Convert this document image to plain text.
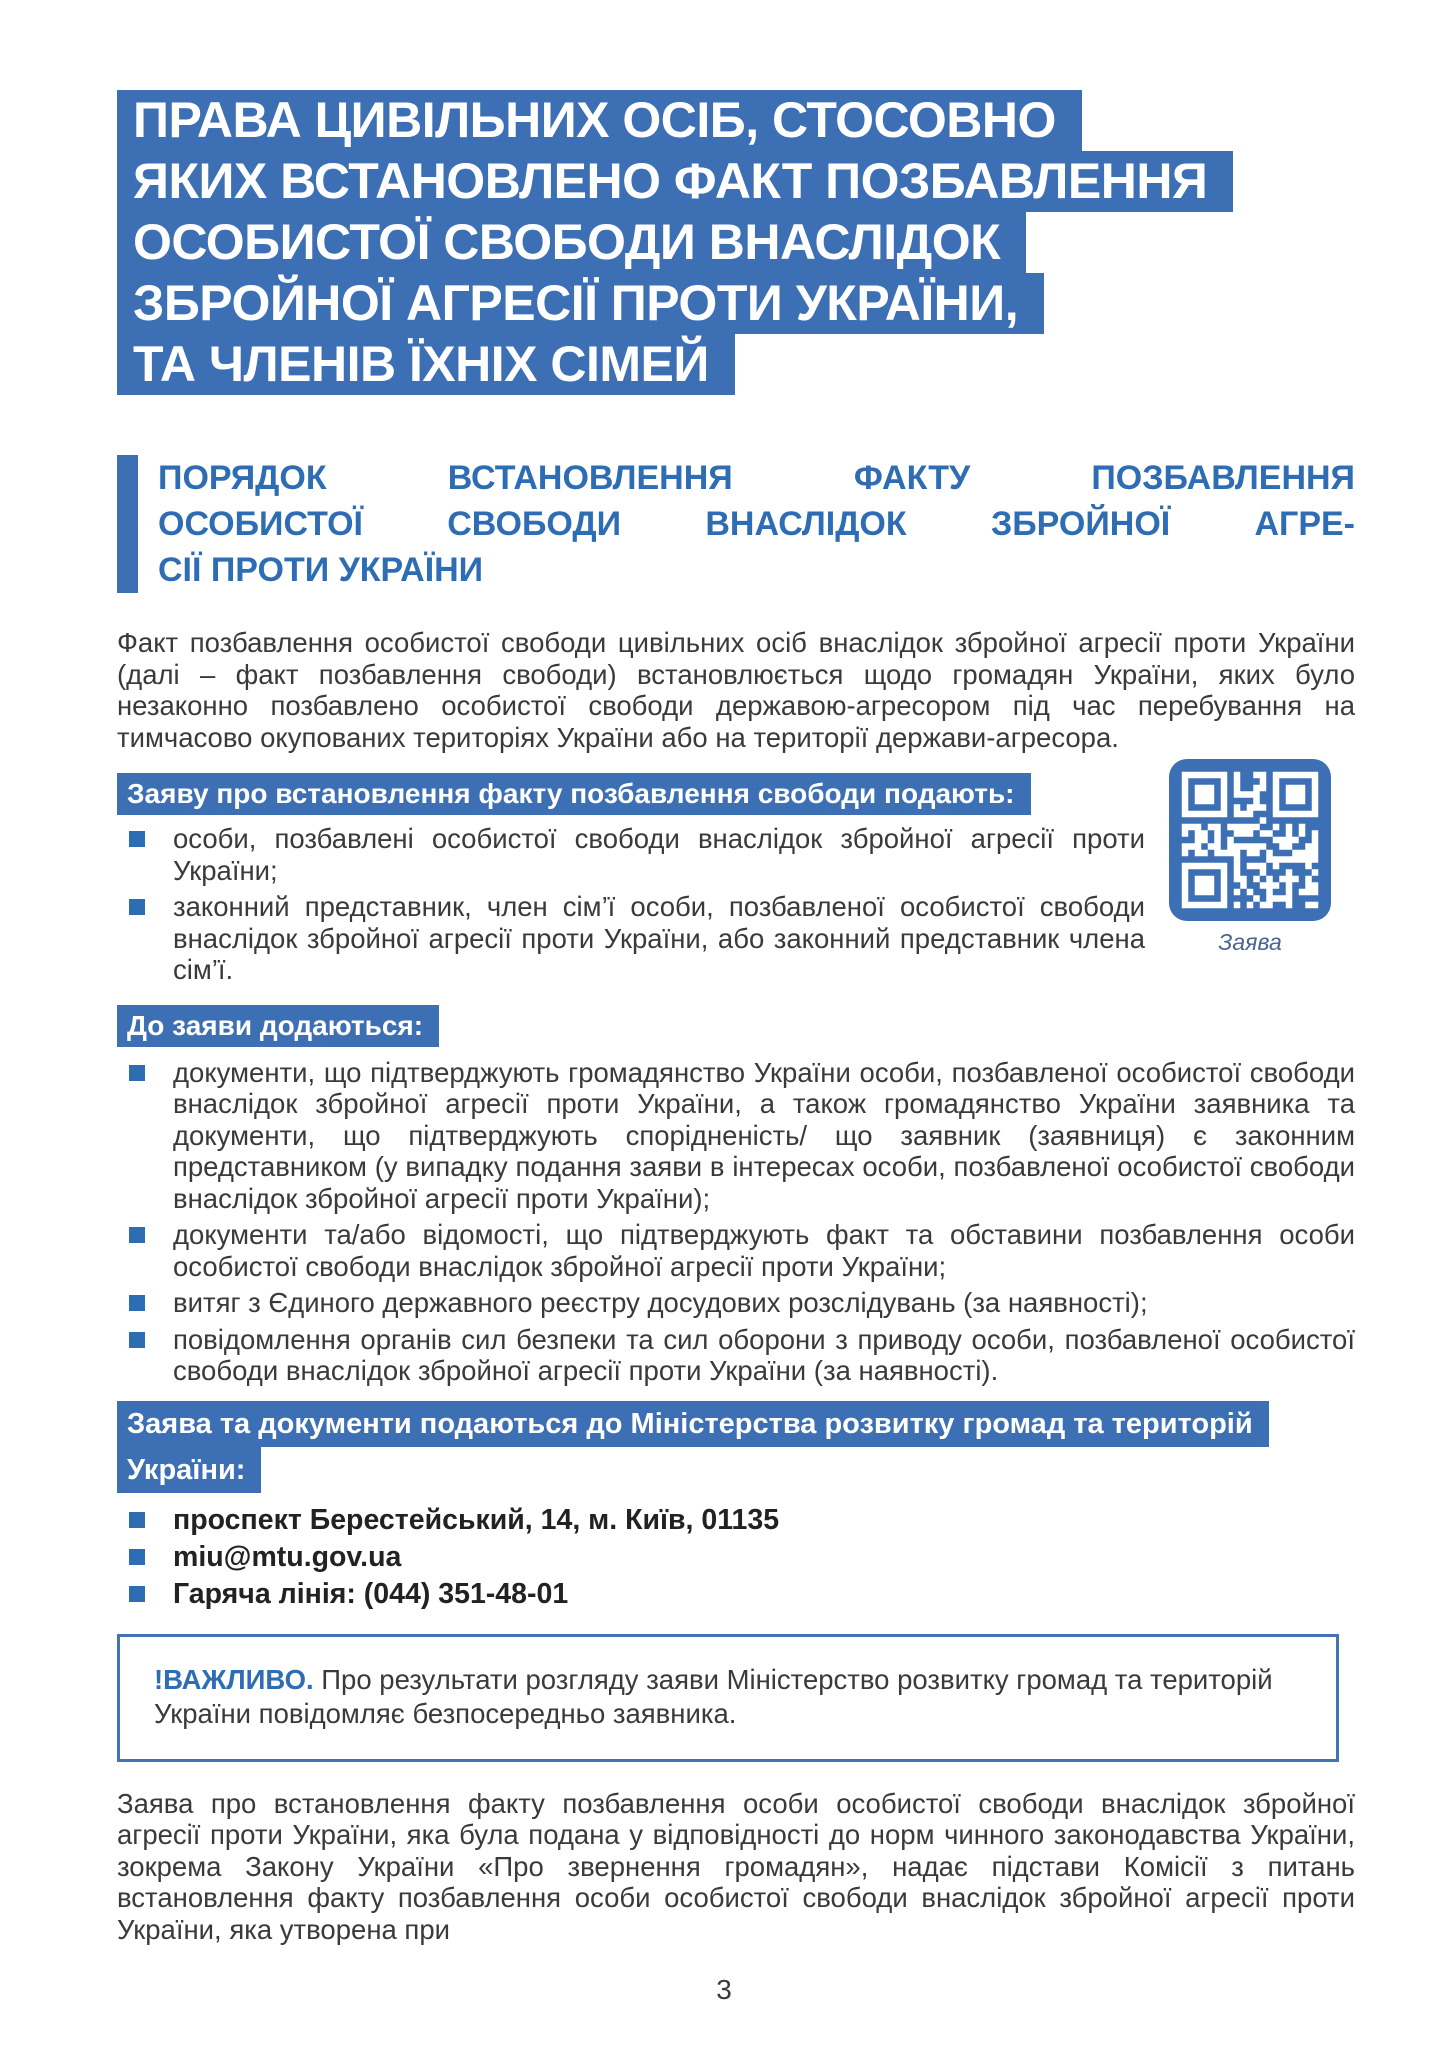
ПРАВА ЦИВІЛЬНИХ ОСІБ, СТОСОВНО
ЯКИХ ВСТАНОВЛЕНО ФАКТ ПОЗБАВЛЕННЯ
ОСОБИСТОЇ СВОБОДИ ВНАСЛІДОК
ЗБРОЙНОЇ АГРЕСІЇ ПРОТИ УКРАЇНИ,
ТА ЧЛЕНІВ ЇХНІХ СІМЕЙ
ПОРЯДОК ВСТАНОВЛЕННЯ ФАКТУ ПОЗБАВЛЕННЯ
ОСОБИСТОЇ СВОБОДИ ВНАСЛІДОК ЗБРОЙНОЇ АГРЕ-
СІЇ ПРОТИ УКРАЇНИ
Факт позбавлення особистої свободи цивільних осіб внаслідок збройної агресії проти України (далі – факт позбавлення свободи) встановлюється щодо громадян України, яких було незаконно позбавлено особистої свободи державою-агресором під час перебування на тимчасово окупованих територіях України або на території держави-агресора.
Заяву про встановлення факту позбавлення свободи подають:
особи, позбавлені особистої свободи внаслідок збройної агресії проти України;
законний представник, член сім’ї особи, позбавленої особистої свободи внаслідок збройної агресії проти України, або законний представник члена сім’ї.
Заява
До заяви додаються:
документи, що підтверджують громадянство України особи, позбавленої особистої свободи внаслідок збройної агресії проти України, а також громадянство України заявника та документи, що підтверджують спорідненість/ що заявник (заявниця) є законним представником (у випадку подання заяви в інтересах особи, позбавленої особистої свободи внаслідок збройної агресії проти України);
документи та/або відомості, що підтверджують факт та обставини позбавлення особи особистої свободи внаслідок збройної агресії проти України;
витяг з Єдиного державного реєстру досудових розслідувань (за наявності);
повідомлення органів сил безпеки та сил оборони з приводу особи, позбавленої особистої свободи внаслідок збройної агресії проти України (за наявності).
Заява та документи подаються до Міністерства розвитку громад та територій
України:
проспект Берестейський, 14, м. Київ, 01135
miu@mtu.gov.ua
Гаряча лінія: (044) 351-48-01
!ВАЖЛИВО. Про результати розгляду заяви Міністерство розвитку громад та територій України повідомляє безпосередньо заявника.
Заява про встановлення факту позбавлення особи особистої свободи внаслідок збройної агресії проти України, яка була подана у відповідності до норм чинного законодавства України, зокрема Закону України «Про звернення громадян», надає підстави Комісії з питань встановлення факту позбавлення особи особистої свободи внаслідок збройної агресії проти України, яка утворена при
3
